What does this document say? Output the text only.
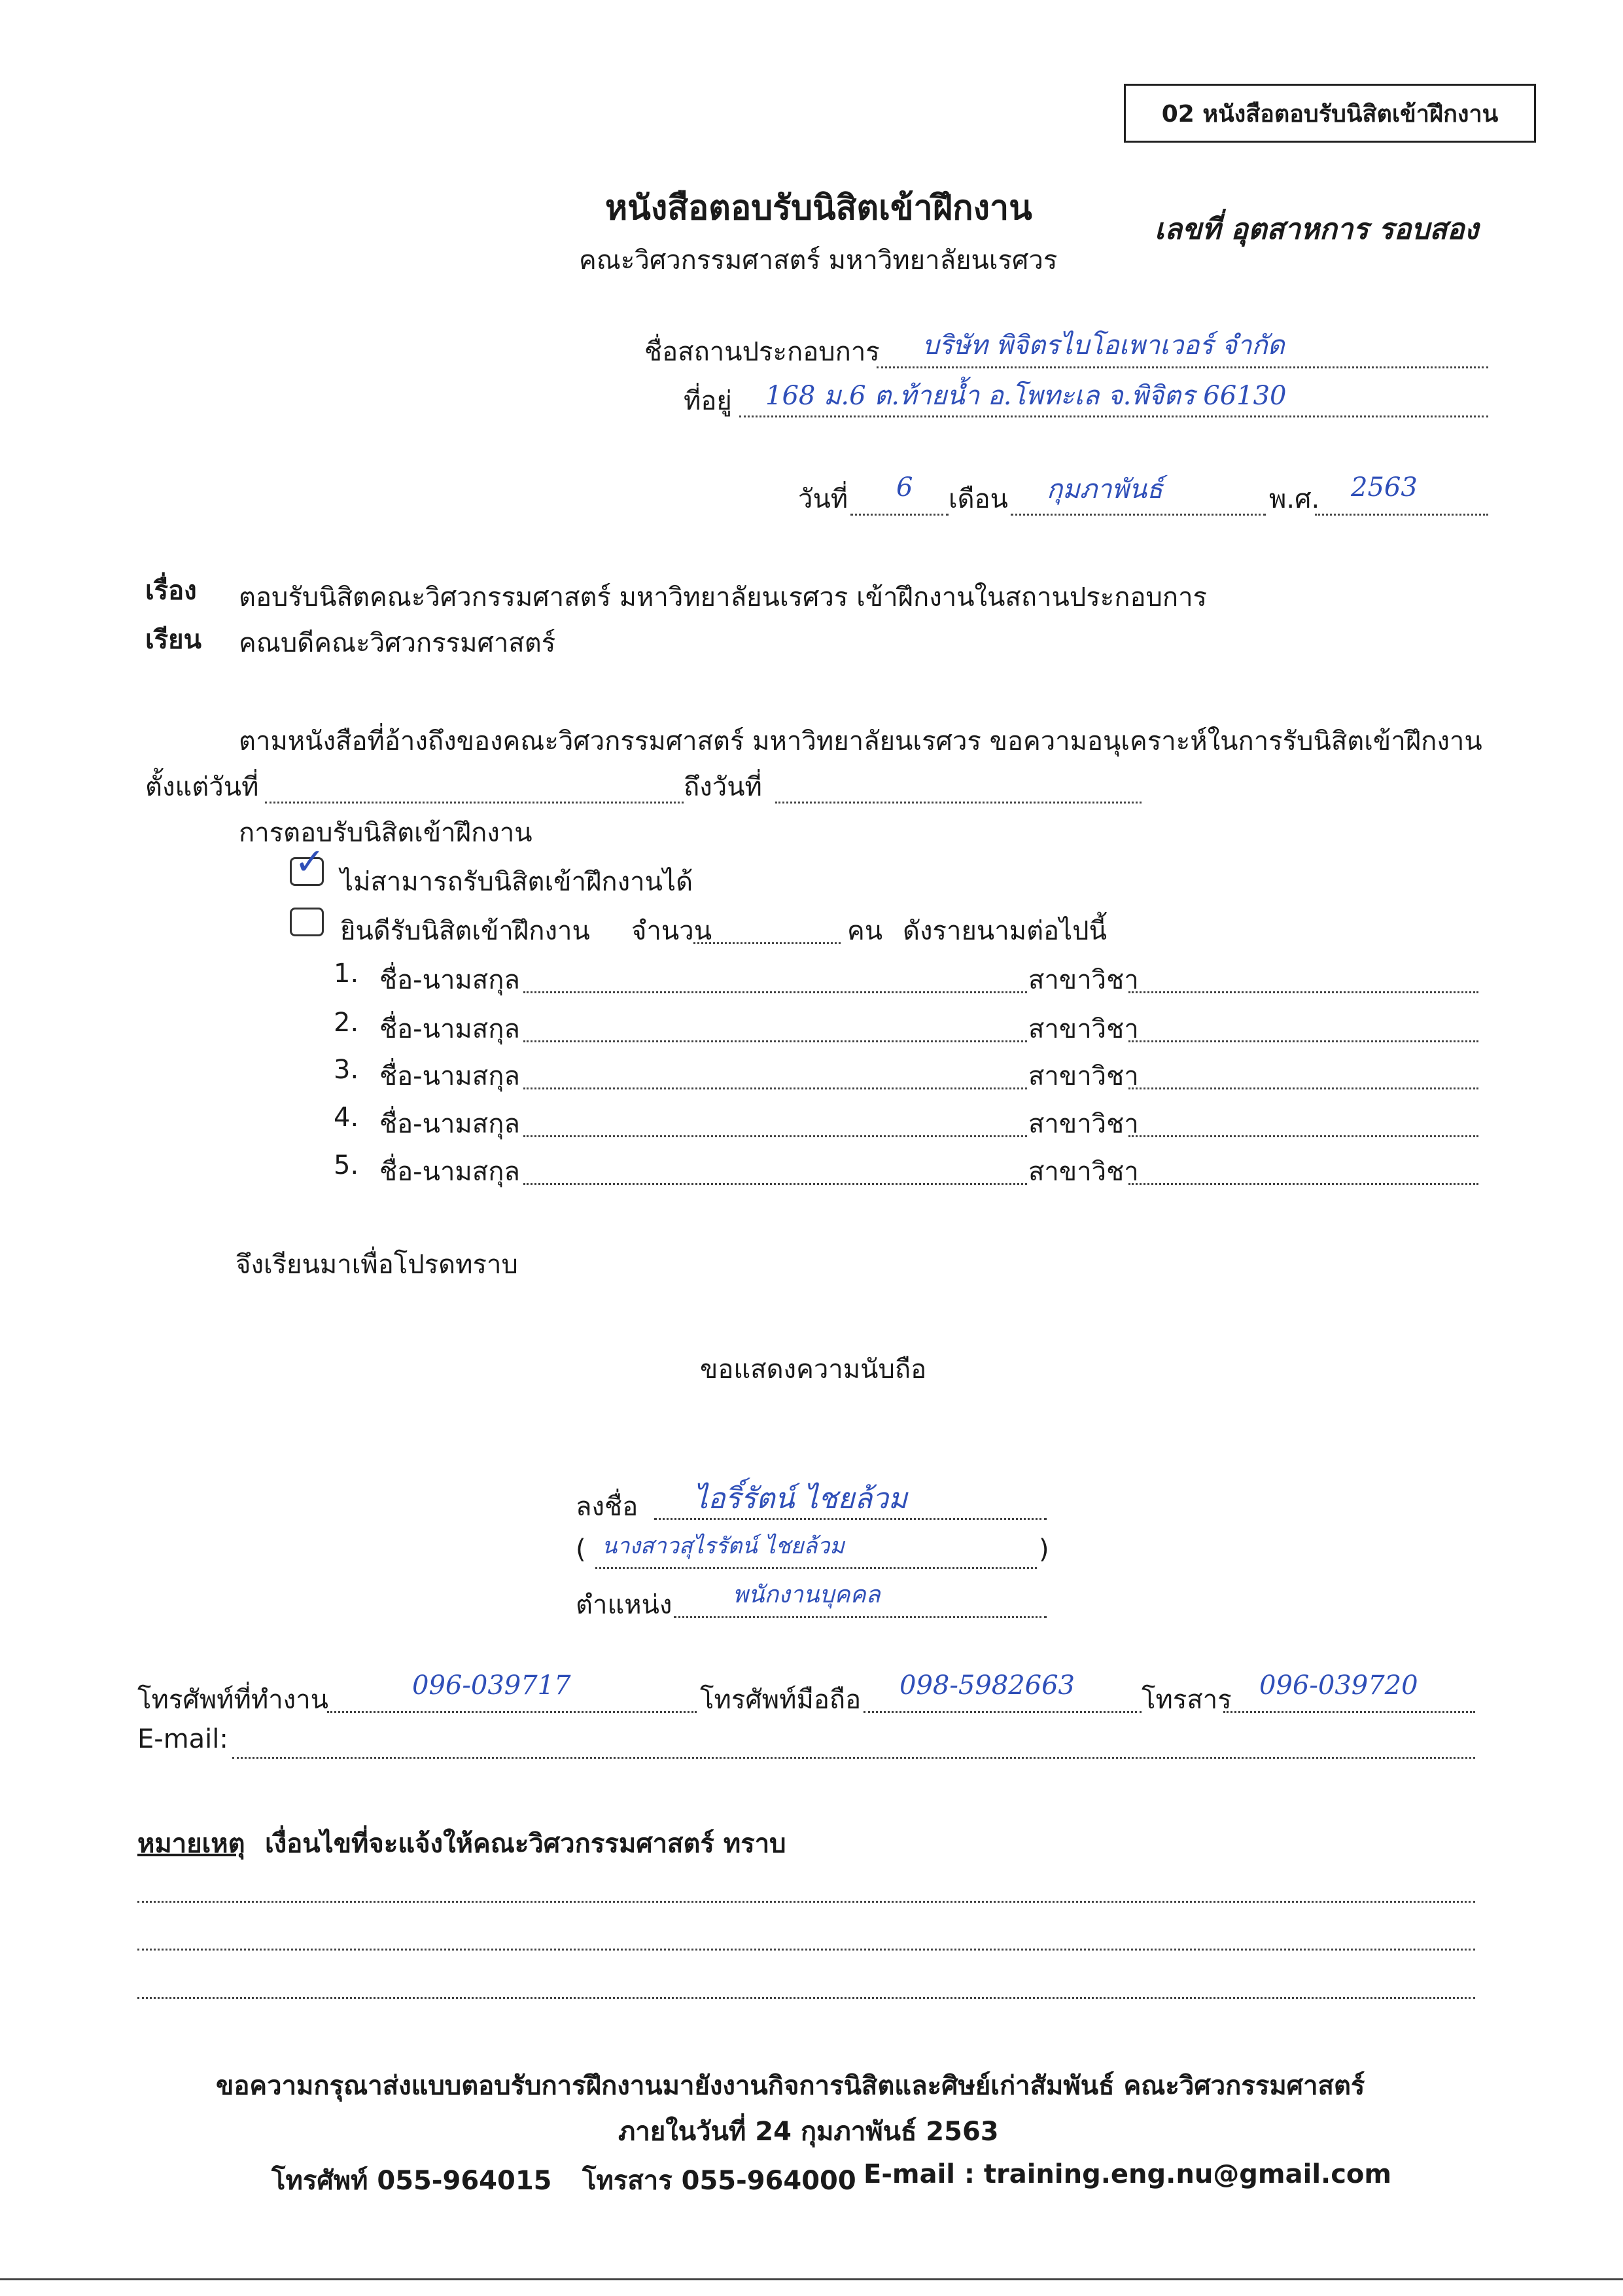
02 หนังสือตอบรับนิสิตเข้าฝึกงาน
หนังสือตอบรับนิสิตเข้าฝึกงาน
คณะวิศวกรรมศาสตร์ มหาวิทยาลัยนเรศวร
เลขที่ อุตสาหการ รอบสอง
ชื่อสถานประกอบการ บริษัท พิจิตรไบโอเพาเวอร์ จำกัด
ที่อยู่ 168 ม.6 ต.ท้ายน้ำ อ.โพทะเล จ.พิจิตร 66130
วันที่ 6 เดือน กุมภาพันธ์	พ.ศ. 2563
เรื่อง ตอบรับนิสิตคณะวิศวกรรมศาสตร์ มหาวิทยาลัยนเรศวร เข้าฝึกงานในสถานประกอบการ
เรียน คณบดีคณะวิศวกรรมศาสตร์
ตามหนังสือที่อ้างถึงของคณะวิศวกรรมศาสตร์ มหาวิทยาลัยนเรศวร ขอความอนุเคราะห์ในการรับนิสิตเข้าฝึกงาน
ตั้งแต่วันที่	ถึงวันที่
การตอบรับนิสิตเข้าฝึกงาน
✓ ไม่สามารถรับนิสิตเข้าฝึกงานได้
ยินดีรับนิสิตเข้าฝึกงาน จำนวน	คน ดังรายนามต่อไปนี้
1. ชื่อ-นามสกุล	สาขาวิชา
2. ชื่อ-นามสกุล	สาขาวิชา
3. ชื่อ-นามสกุล	สาขาวิชา
4. ชื่อ-นามสกุล	สาขาวิชา
5. ชื่อ-นามสกุล	สาขาวิชา
จึงเรียนมาเพื่อโปรดทราบ
ขอแสดงความนับถือ
ลงชื่อ ไอริ์รัตน์ ไชยล้วม
( นางสาวสุไรรัตน์ ไชยล้วม	)
ตำแหน่ง	พนักงานบุคคล
โทรศัพท์ที่ทำงาน	096-039717	โทรศัพท์มือถือ 098-5982663	โทรสาร 096-039720
E-mail:
หมายเหตุ เงื่อนไขที่จะแจ้งให้คณะวิศวกรรมศาสตร์ ทราบ
ขอความกรุณาส่งแบบตอบรับการฝึกงานมายังงานกิจการนิสิตและศิษย์เก่าสัมพันธ์ คณะวิศวกรรมศาสตร์
ภายในวันที่ 24 กุมภาพันธ์ 2563
โทรศัพท์ 055-964015 โทรสาร 055-964000 E-mail : training.eng.nu@gmail.com
